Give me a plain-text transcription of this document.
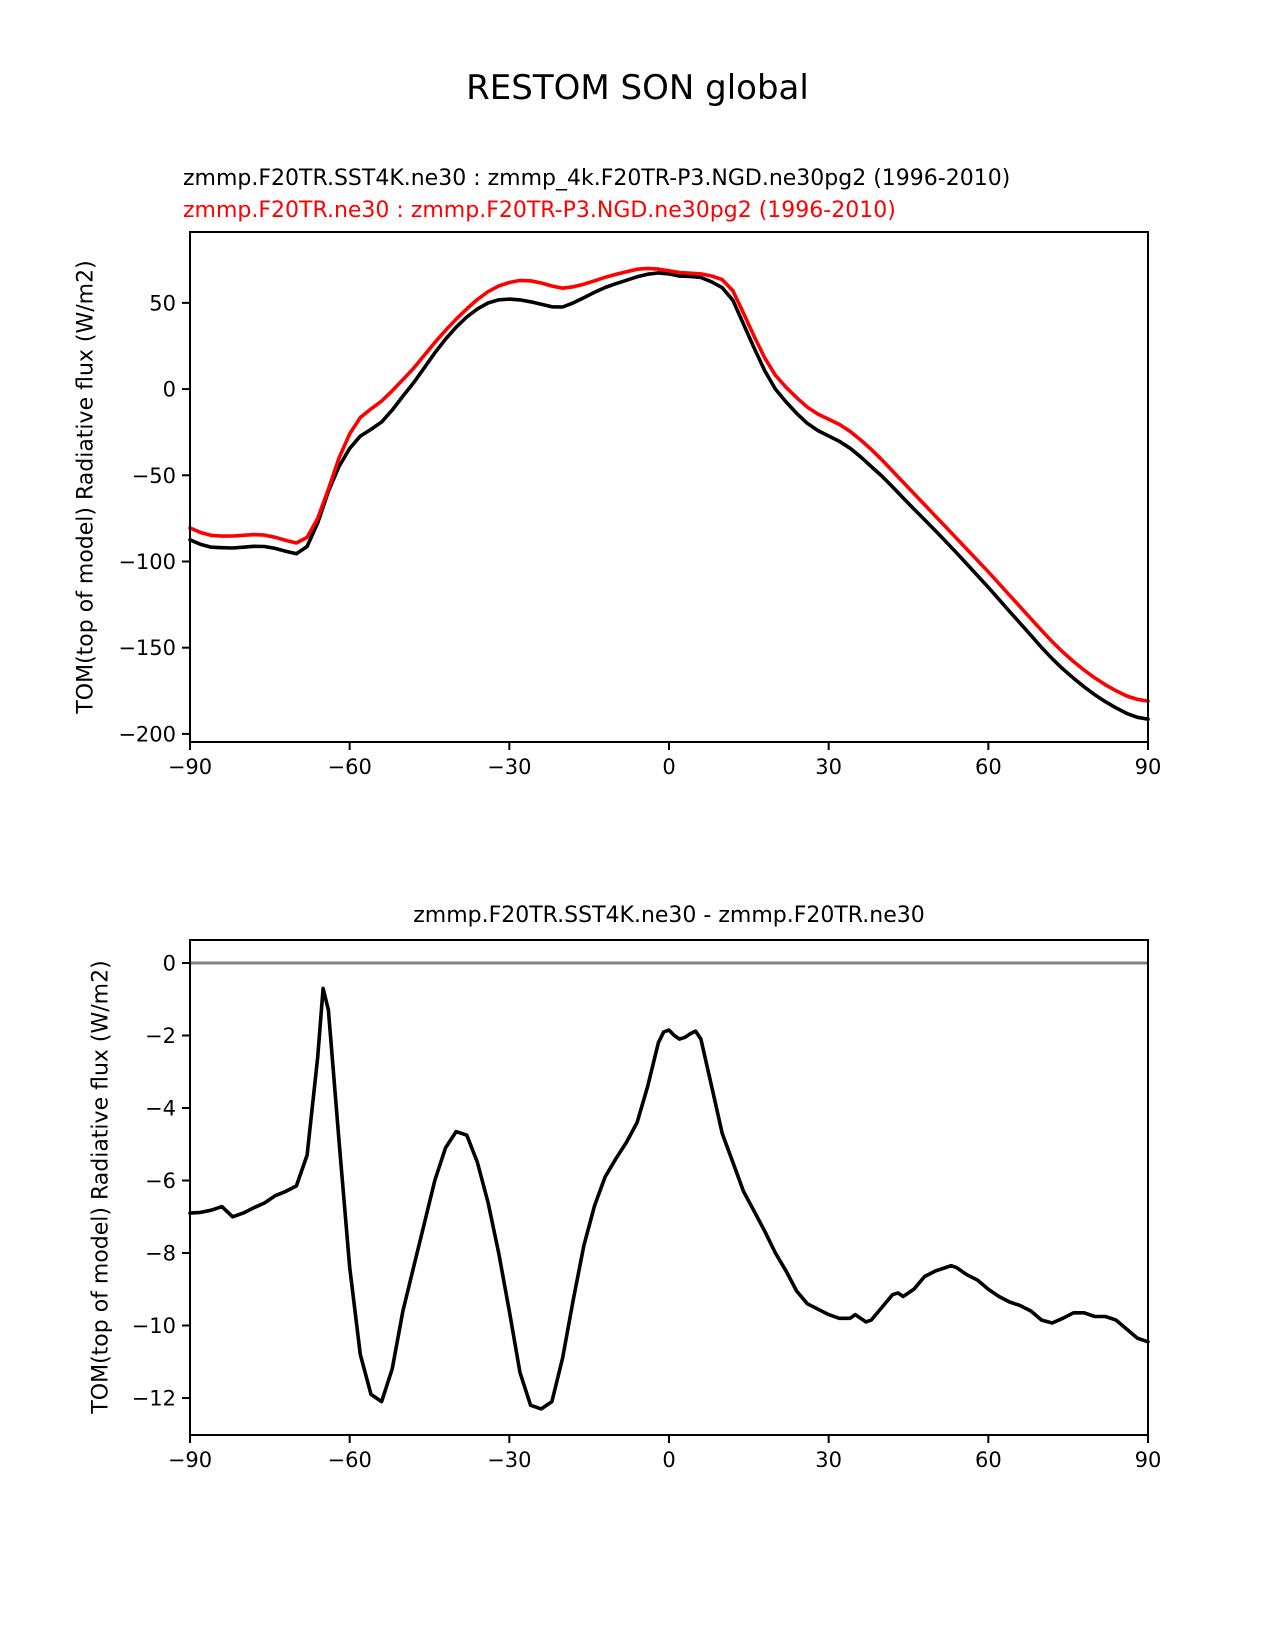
RESTOM SON global
zmmp.F20TR.SST4K.ne30 : zmmp_4k.F20TR-P3.NGD.ne30pg2 (1996-2010)
zmmp.F20TR.ne30 : zmmp.F20TR-P3.NGD.ne30pg2 (1996-2010)
TOM(top of model) Radiative flux (W/m2)
−90	−60	−30	0	30	60	90
50
0
−50
−100
−150
−200
zmmp.F20TR.SST4K.ne30 - zmmp.F20TR.ne30
TOM(top of model) Radiative flux (W/m2)
−90	−60	−30	0	30	60	90
0
−2
−4
−6
−8
−10
−12
